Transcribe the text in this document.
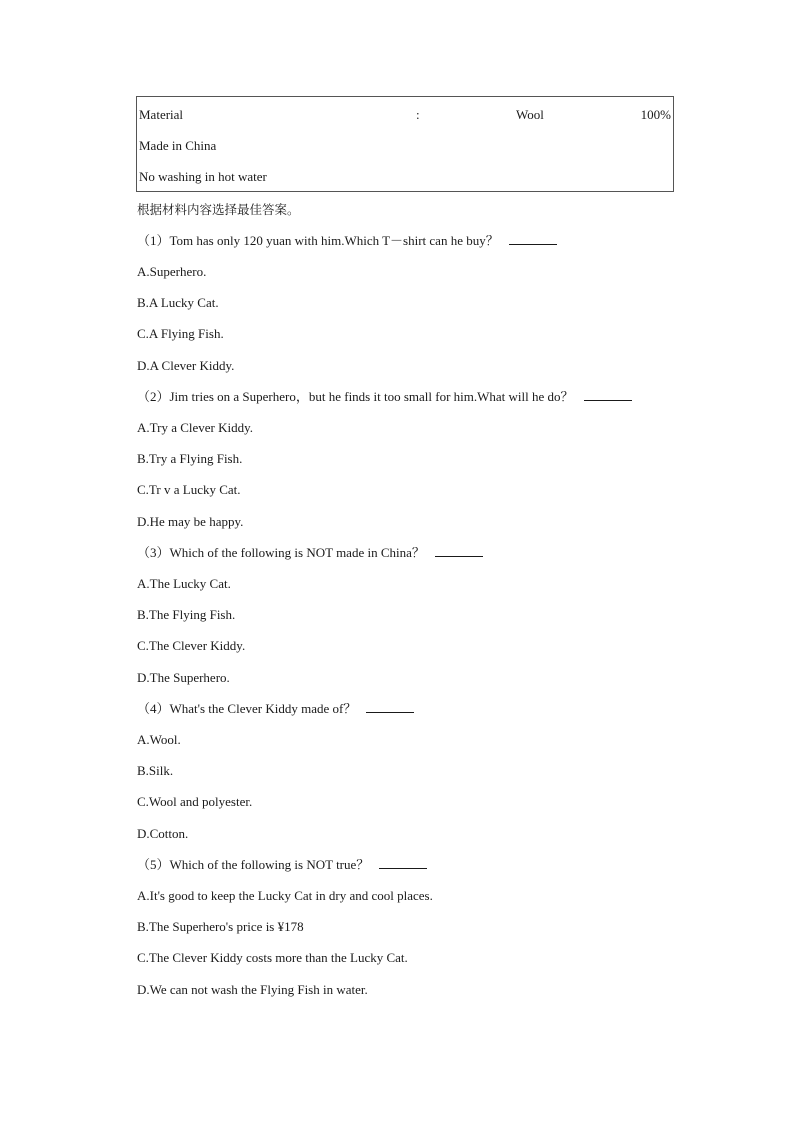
Material	:	Wool	100%
Made in China
No washing in hot water
根据材料内容选择最佳答案。
（1）Tom has only 120 yuan with him.Which T－shirt can he buy？
A.Superhero.
B.A Lucky Cat.
C.A Flying Fish.
D.A Clever Kiddy.
（2）Jim tries on a Superhero，but he finds it too small for him.What will he do？
A.Try a Clever Kiddy.
B.Try a Flying Fish.
C.Tr v a Lucky Cat.
D.He may be happy.
（3）Which of the following is NOT made in China？
A.The Lucky Cat.
B.The Flying Fish.
C.The Clever Kiddy.
D.The Superhero.
（4）What's the Clever Kiddy made of？
A.Wool.
B.Silk.
C.Wool and polyester.
D.Cotton.
（5）Which of the following is NOT true？
A.It's good to keep the Lucky Cat in dry and cool places.
B.The Superhero's price is ¥178
C.The Clever Kiddy costs more than the Lucky Cat.
D.We can not wash the Flying Fish in water.
